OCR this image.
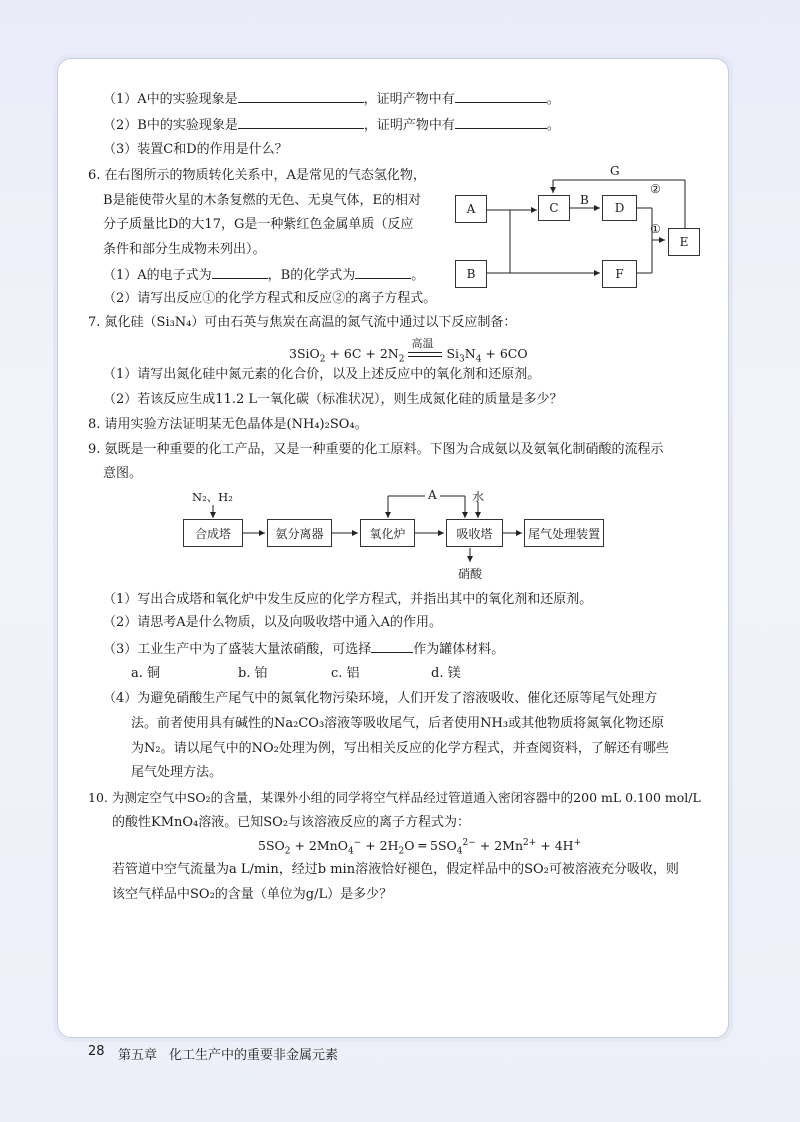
（1）A中的实验现象是	，证明产物中有	。
（2）B中的实验现象是	，证明产物中有	。
（3）装置C和D的作用是什么？
6. 在右图所示的物质转化关系中，A是常见的气态氢化物，
B是能使带火星的木条复燃的无色、无臭气体，E的相对
分子质量比D的大17，G是一种紫红色金属单质（反应
条件和部分生成物未列出）。
（1）A的电子式为	，B的化学式为	。
（2）请写出反应①的化学方程式和反应②的离子方程式。
A
B
C	D
F
E
G
②
B
①
7. 氮化硅（Si₃N₄）可由石英与焦炭在高温的氮气流中通过以下反应制备：
$3SiO_2 + 6C + 2N_2$
高温
$Si_3N_4 + 6CO$
（1）请写出氮化硅中氮元素的化合价，以及上述反应中的氧化剂和还原剂。
（2）若该反应生成11.2 L一氧化碳（标准状况），则生成氮化硅的质量是多少？
8. 请用实验方法证明某无色晶体是(NH₄)₂SO₄。
9. 氨既是一种重要的化工产品，又是一种重要的化工原料。下图为合成氨以及氨氧化制硝酸的流程示
意图。
N₂、H₂
合成塔	氨分离器	氧化炉	吸收塔	尾气处理装置
A	水
硝酸
（1）写出合成塔和氧化炉中发生反应的化学方程式，并指出其中的氧化剂和还原剂。
（2）请思考A是什么物质，以及向吸收塔中通入A的作用。
（3）工业生产中为了盛装大量浓硝酸，可选择	作为罐体材料。
a. 铜	b. 铂	c. 铝	d. 镁
（4）为避免硝酸生产尾气中的氮氧化物污染环境，人们开发了溶液吸收、催化还原等尾气处理方
法。前者使用具有碱性的Na₂CO₃溶液等吸收尾气，后者使用NH₃或其他物质将氮氧化物还原
为N₂。请以尾气中的NO₂处理为例，写出相关反应的化学方程式，并查阅资料，了解还有哪些
尾气处理方法。
10. 为测定空气中SO₂的含量，某课外小组的同学将空气样品经过管道通入密闭容器中的200 mL 0.100 mol/L
的酸性KMnO₄溶液。已知SO₂与该溶液反应的离子方程式为：
$5SO_2 + 2MnO_4^- + 2H_2O$ ═ $5SO_4^{2-} + 2Mn^{2+} + 4H^+$
若管道中空气流量为a L/min，经过b min溶液恰好褪色，假定样品中的SO₂可被溶液充分吸收，则
该空气样品中SO₂的含量（单位为g/L）是多少？
28 第五章 化工生产中的重要非金属元素
